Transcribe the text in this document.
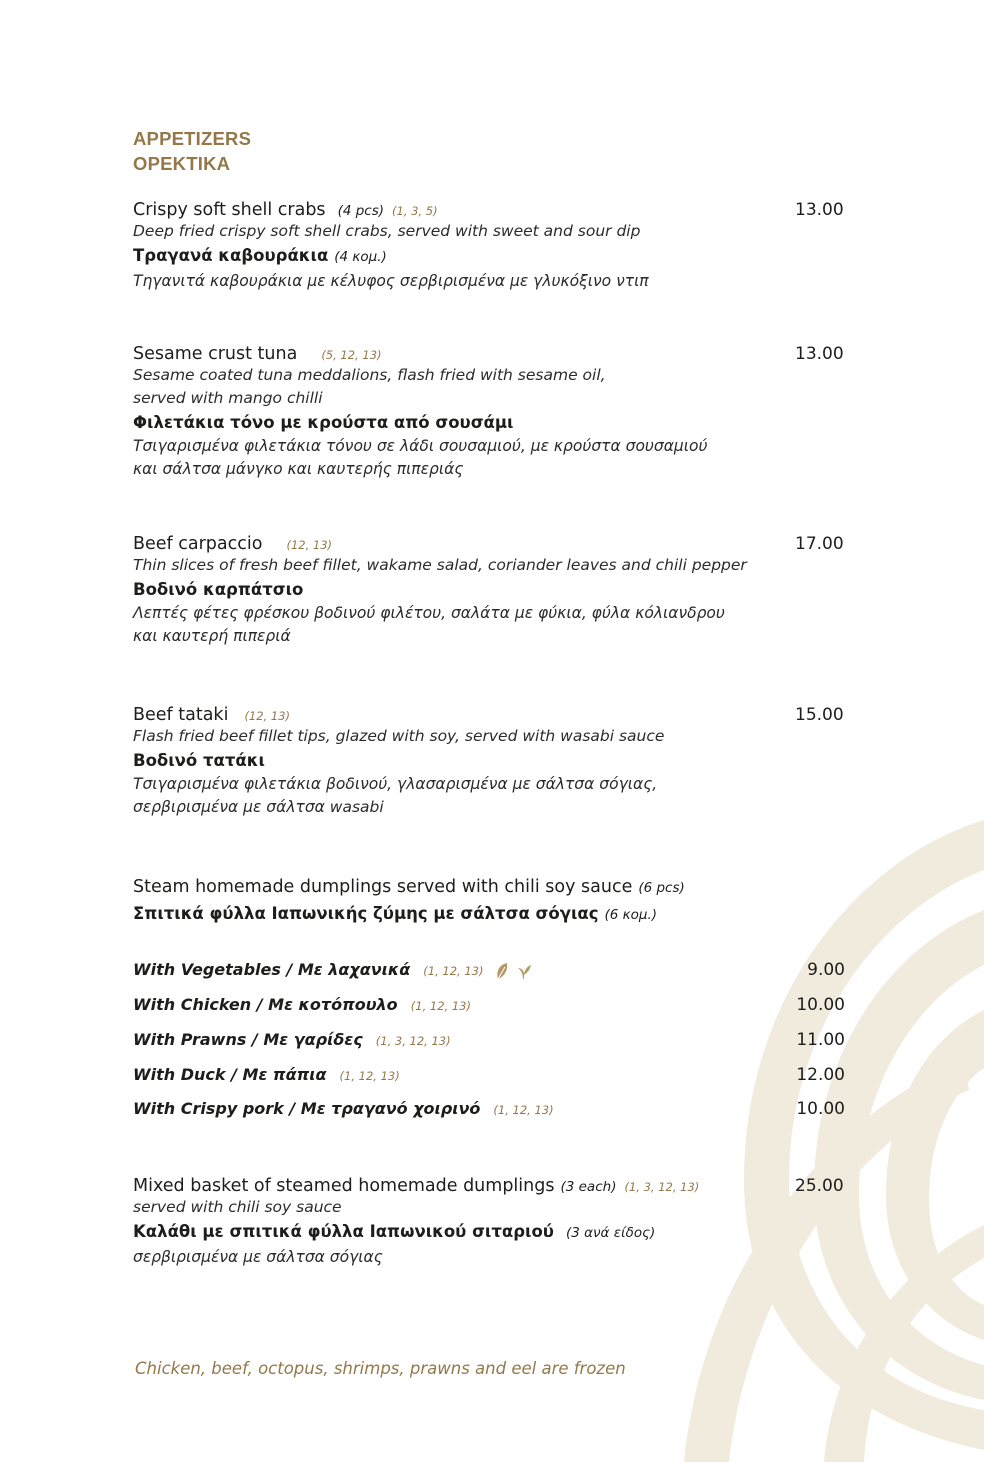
APPETIZERS
ΟΡΕΚΤΙΚΑ
Crispy soft shell crabs (4 pcs) (1, 3, 5)	13.00
Deep fried crispy soft shell crabs, served with sweet and sour dip
Τραγανά καβουράκια (4 κομ.)
Τηγανιτά καβουράκια με κέλυφος σερβιρισμένα με γλυκόξινο ντιπ
Sesame crust tuna (5, 12, 13)	13.00
Sesame coated tuna meddalions, flash fried with sesame oil,
served with mango chilli
Φιλετάκια τόνο με κρούστα από σουσάμι
Τσιγαρισμένα φιλετάκια τόνου σε λάδι σουσαμιού, με κρούστα σουσαμιού
και σάλτσα μάνγκο και καυτερής πιπεριάς
Beef carpaccio (12, 13)	17.00
Thin slices of fresh beef fillet, wakame salad, coriander leaves and chili pepper
Βοδινό καρπάτσιο
Λεπτές φέτες φρέσκου βοδινού φιλέτου, σαλάτα με φύκια, φύλα κόλιανδρου
και καυτερή πιπεριά
Beef tataki (12, 13)	15.00
Flash fried beef fillet tips, glazed with soy, served with wasabi sauce
Βοδινό τατάκι
Τσιγαρισμένα φιλετάκια βοδινού, γλασαρισμένα με σάλτσα σόγιας,
σερβιρισμένα με σάλτσα wasabi
Steam homemade dumplings served with chili soy sauce (6 pcs)
Σπιτικά φύλλα Ιαπωνικής ζύμης με σάλτσα σόγιας (6 κομ.)
With Vegetables / Με λαχανικά (1, 12, 13)	9.00
With Chicken / Με κοτόπουλο (1, 12, 13)	10.00
With Prawns / Με γαρίδες (1, 3, 12, 13)	11.00
With Duck / Με πάπια (1, 12, 13)	12.00
With Crispy pork / Με τραγανό χοιρινό (1, 12, 13)	10.00
Mixed basket of steamed homemade dumplings (3 each) (1, 3, 12, 13)	25.00
served with chili soy sauce
Καλάθι με σπιτικά φύλλα Ιαπωνικού σιταριού (3 ανά είδος)
σερβιρισμένα με σάλτσα σόγιας
Chicken, beef, octopus, shrimps, prawns and eel are frozen
